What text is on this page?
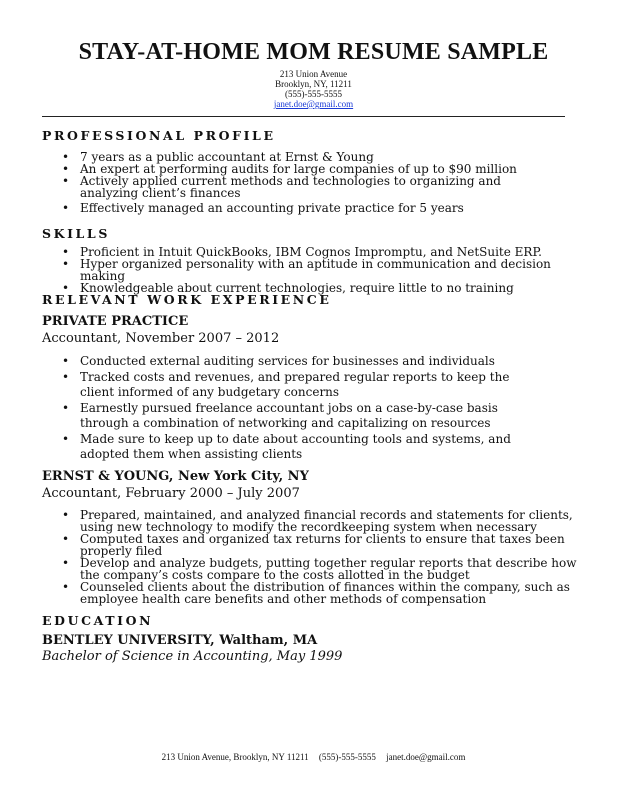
STAY-AT-HOME MOM RESUME SAMPLE
213 Union Avenue
Brooklyn, NY, 11211
(555)-555-5555
janet.doe@gmail.com
PROFESSIONAL PROFILE
• 7 years as a public accountant at Ernst & Young
• An expert at performing audits for large companies of up to $90 million
• Actively applied current methods and technologies to organizing and analyzing client’s finances
• Effectively managed an accounting private practice for 5 years
SKILLS
• Proficient in Intuit QuickBooks, IBM Cognos Impromptu, and NetSuite ERP.
• Hyper organized personality with an aptitude in communication and decision making
• Knowledgeable about current technologies, require little to no training
RELEVANT WORK EXPERIENCE
PRIVATE PRACTICE
Accountant, November 2007 – 2012
• Conducted external auditing services for businesses and individuals
• Tracked costs and revenues, and prepared regular reports to keep the client informed of any budgetary concerns
• Earnestly pursued freelance accountant jobs on a case-by-case basis through a combination of networking and capitalizing on resources
• Made sure to keep up to date about accounting tools and systems, and adopted them when assisting clients
ERNST & YOUNG, New York City, NY
Accountant, February 2000 – July 2007
• Prepared, maintained, and analyzed financial records and statements for clients, using new technology to modify the recordkeeping system when necessary
• Computed taxes and organized tax returns for clients to ensure that taxes been properly filed
• Develop and analyze budgets, putting together regular reports that describe how the company’s costs compare to the costs allotted in the budget
• Counseled clients about the distribution of finances within the company, such as employee health care benefits and other methods of compensation
EDUCATION
BENTLEY UNIVERSITY, Waltham, MA
Bachelor of Science in Accounting, May 1999
213 Union Avenue, Brooklyn, NY 11211 (555)-555-5555 janet.doe@gmail.com
